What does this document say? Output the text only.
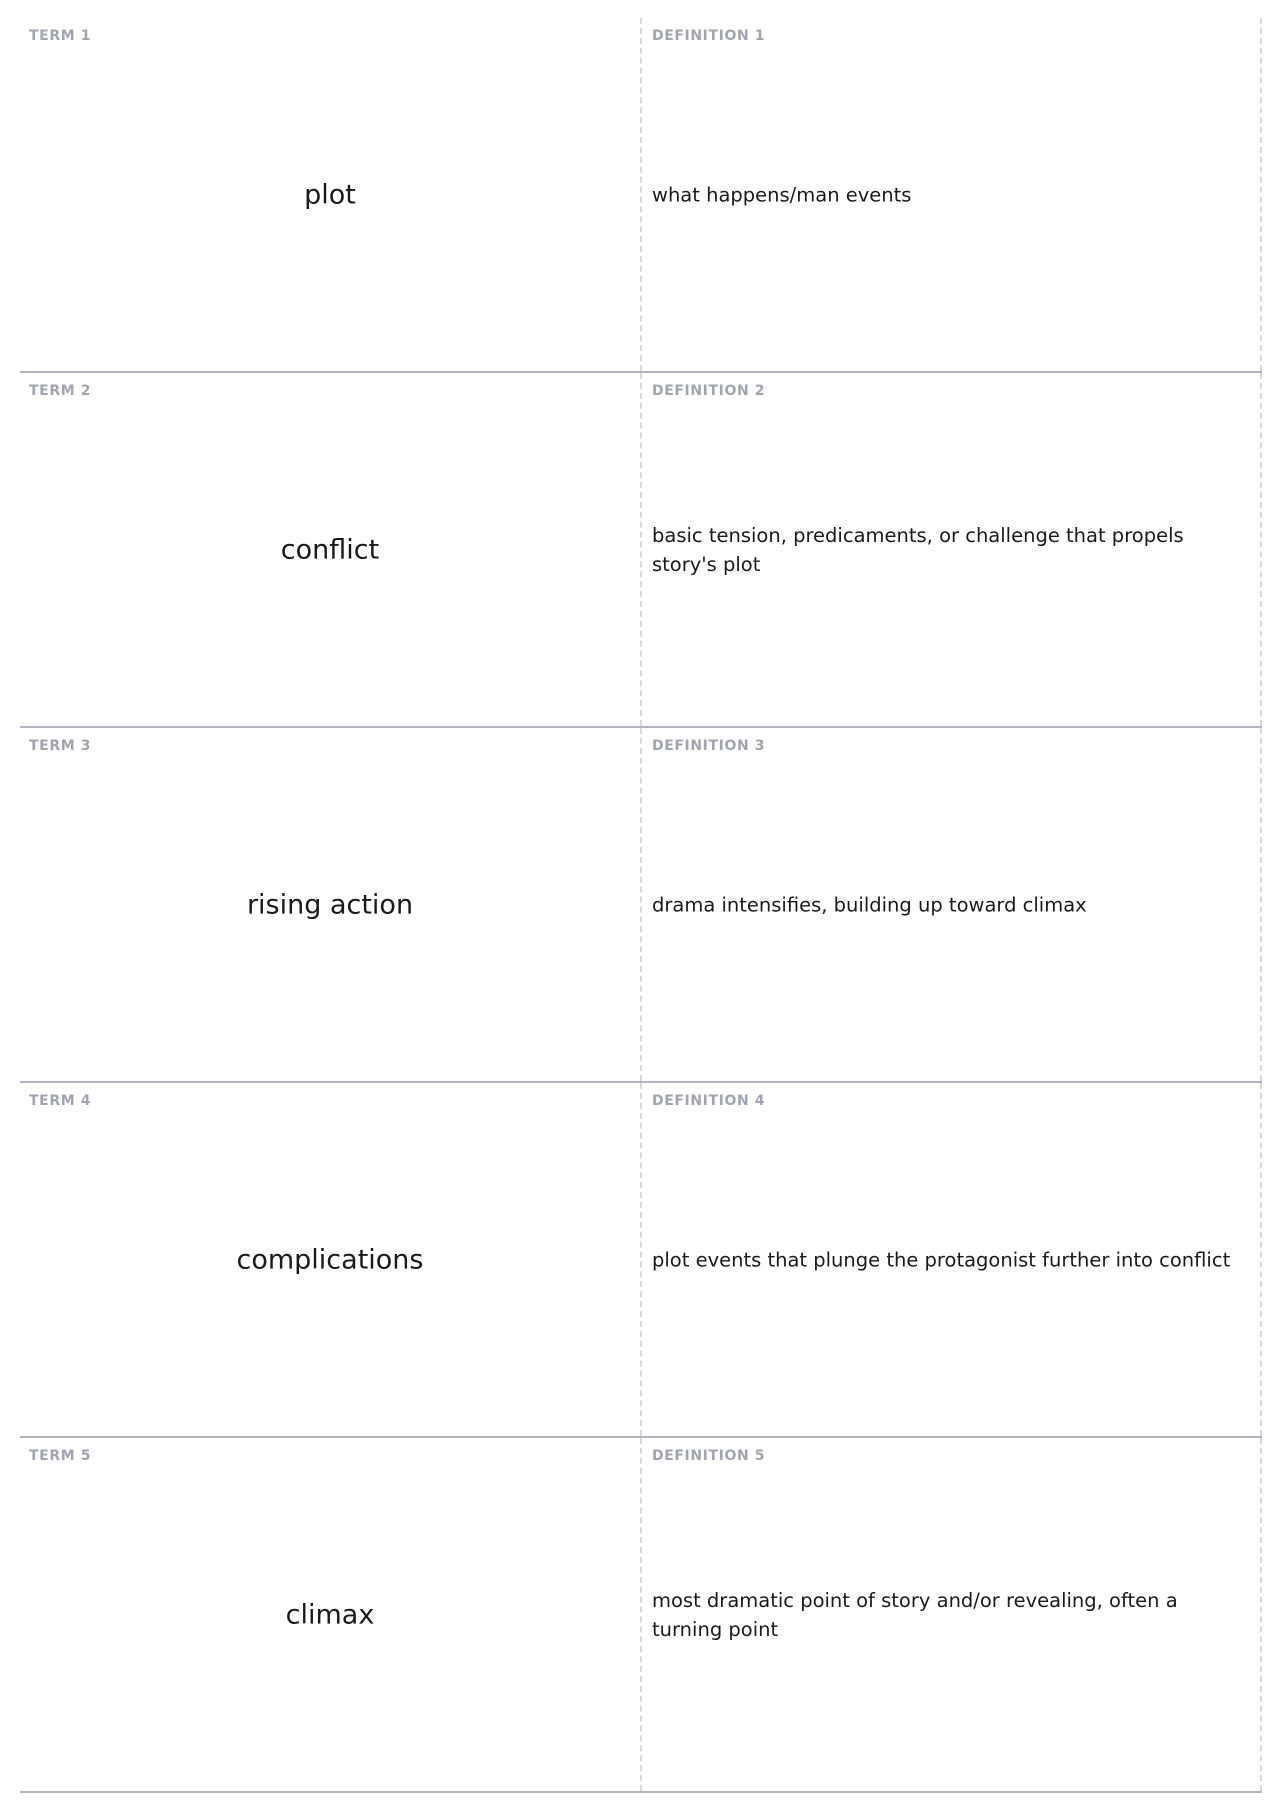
TERM 1
plot
DEFINITION 1
what happens/man events
TERM 2
conflict
DEFINITION 2
basic tension, predicaments, or challenge that propels story's plot
TERM 3
rising action
DEFINITION 3
drama intensifies, building up toward climax
TERM 4
complications
DEFINITION 4
plot events that plunge the protagonist further into conflict
TERM 5
climax
DEFINITION 5
most dramatic point of story and/or revealing, often a turning point
